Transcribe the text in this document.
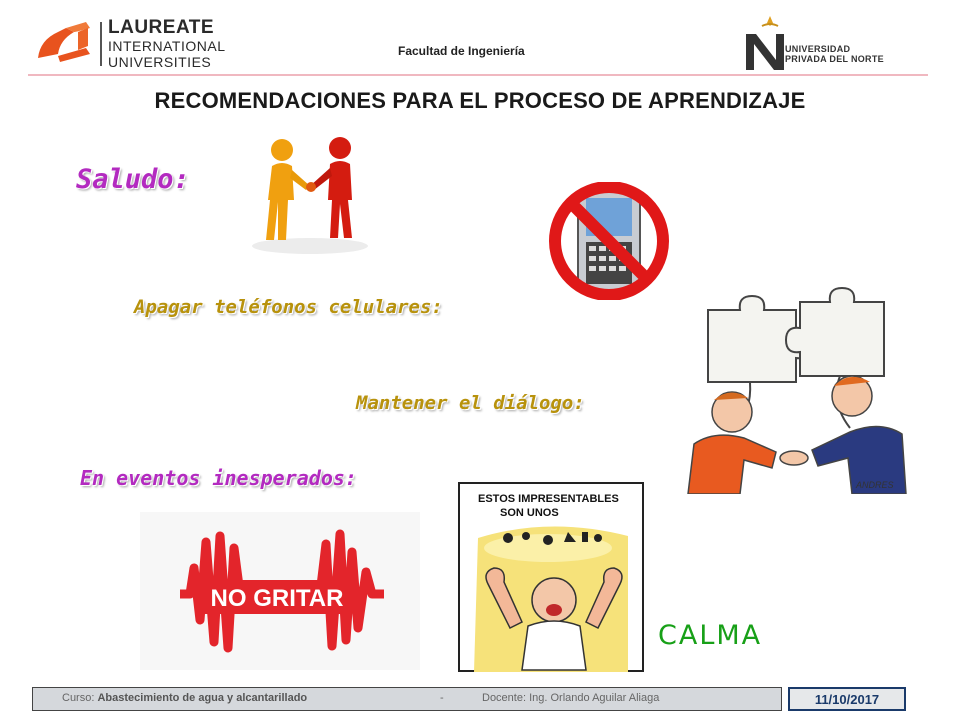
LAUREATE
INTERNATIONAL
UNIVERSITIES
Facultad de Ingeniería	UNIVERSIDAD
PRIVADA DEL NORTE
RECOMENDACIONES PARA EL PROCESO DE APRENDIZAJE
Saludo:
Apagar teléfonos celulares:
Mantener el diálogo:
En eventos inesperados:	ANDRES
NO GRITAR
ESTOS IMPRESENTABLES
SON UNOS
CALMA
Curso: Abastecimiento de agua y alcantarillado	-	Docente: Ing. Orlando Aguilar Aliaga	11/10/2017
